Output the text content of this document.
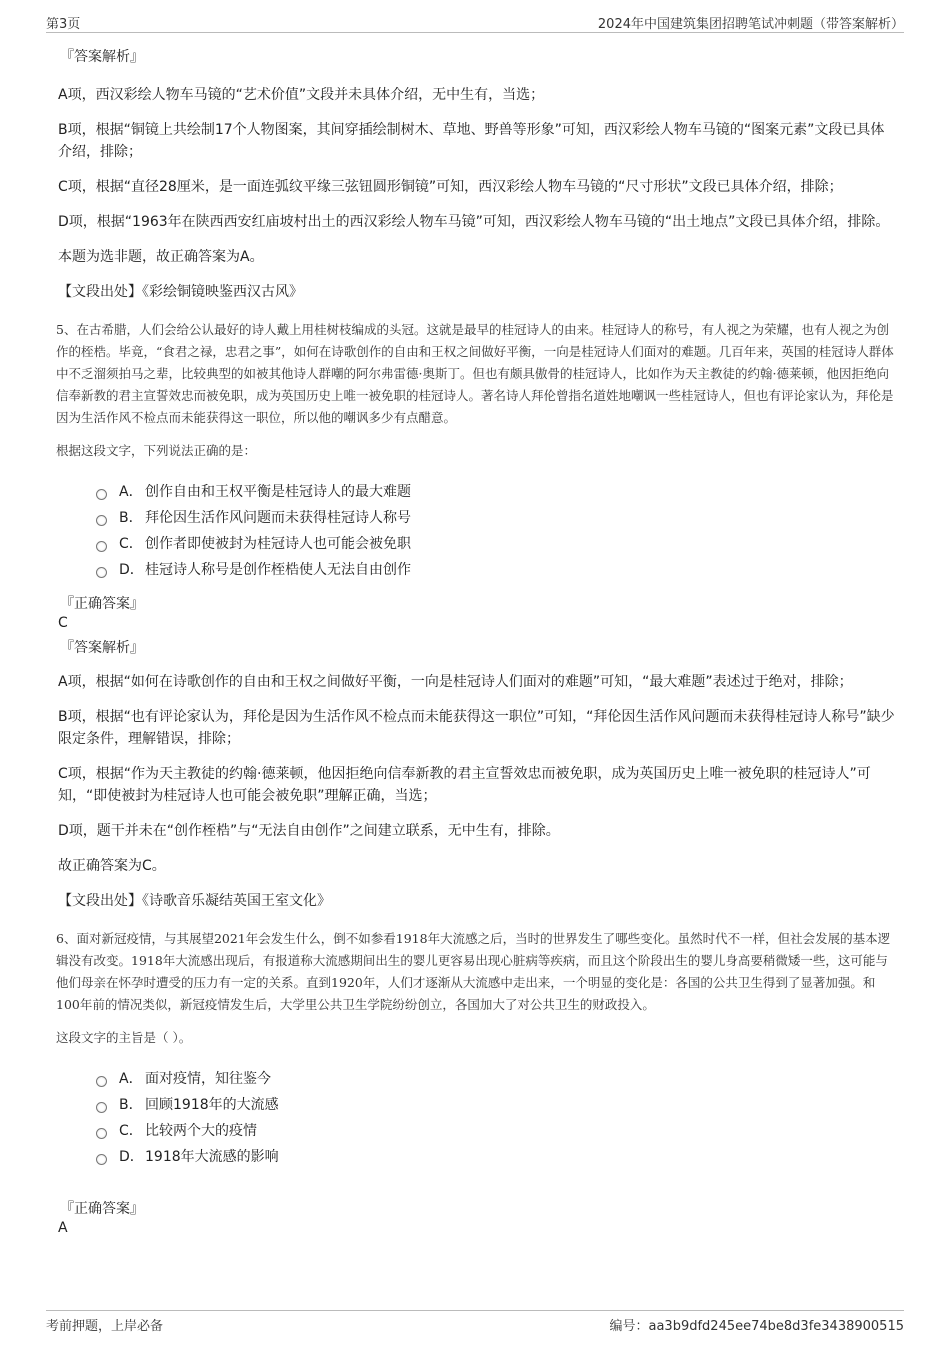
第3页	2024年中国建筑集团招聘笔试冲刺题（带答案解析）
『答案解析』

A项，西汉彩绘人物车马镜的“艺术价值”文段并未具体介绍，无中生有，当选；

B项，根据“铜镜上共绘制17个人物图案，其间穿插绘制树木、草地、野兽等形象”可知，西汉彩绘人物车马镜的“图案元素”文段已具体介绍，排除；

C项，根据“直径28厘米，是一面连弧纹平缘三弦钮圆形铜镜”可知，西汉彩绘人物车马镜的“尺寸形状”文段已具体介绍，排除；

D项，根据“1963年在陕西西安红庙坡村出土的西汉彩绘人物车马镜”可知，西汉彩绘人物车马镜的“出土地点”文段已具体介绍，排除。

本题为选非题，故正确答案为A。

【文段出处】《彩绘铜镜映鉴西汉古风》

5、在古希腊，人们会给公认最好的诗人戴上用桂树枝编成的头冠。这就是最早的桂冠诗人的由来。桂冠诗人的称号，有人视之为荣耀，也有人视之为创作的桎梏。毕竟，“食君之禄，忠君之事”，如何在诗歌创作的自由和王权之间做好平衡，一向是桂冠诗人们面对的难题。几百年来，英国的桂冠诗人群体中不乏溜须拍马之辈，比较典型的如被其他诗人群嘲的阿尔弗雷德·奥斯丁。但也有颇具傲骨的桂冠诗人，比如作为天主教徒的约翰·德莱顿，他因拒绝向信奉新教的君主宣誓效忠而被免职，成为英国历史上唯一被免职的桂冠诗人。著名诗人拜伦曾指名道姓地嘲讽一些桂冠诗人，但也有评论家认为，拜伦是因为生活作风不检点而未能获得这一职位，所以他的嘲讽多少有点醋意。

根据这段文字，下列说法正确的是：
A． 创作自由和王权平衡是桂冠诗人的最大难题
B． 拜伦因生活作风问题而未获得桂冠诗人称号
C． 创作者即使被封为桂冠诗人也可能会被免职
D． 桂冠诗人称号是创作桎梏使人无法自由创作
『正确答案』
C
『答案解析』

A项，根据“如何在诗歌创作的自由和王权之间做好平衡，一向是桂冠诗人们面对的难题”可知，“最大难题”表述过于绝对，排除；

B项，根据“也有评论家认为，拜伦是因为生活作风不检点而未能获得这一职位”可知，“拜伦因生活作风问题而未获得桂冠诗人称号”缺少限定条件，理解错误，排除；

C项，根据“作为天主教徒的约翰·德莱顿，他因拒绝向信奉新教的君主宣誓效忠而被免职，成为英国历史上唯一被免职的桂冠诗人”可知，“即使被封为桂冠诗人也可能会被免职”理解正确，当选；

D项，题干并未在“创作桎梏”与“无法自由创作”之间建立联系，无中生有，排除。

故正确答案为C。

【文段出处】《诗歌音乐凝结英国王室文化》

6、面对新冠疫情，与其展望2021年会发生什么，倒不如参看1918年大流感之后，当时的世界发生了哪些变化。虽然时代不一样，但社会发展的基本逻辑没有改变。1918年大流感出现后，有报道称大流感期间出生的婴儿更容易出现心脏病等疾病，而且这个阶段出生的婴儿身高要稍微矮一些，这可能与他们母亲在怀孕时遭受的压力有一定的关系。直到1920年，人们才逐渐从大流感中走出来，一个明显的变化是：各国的公共卫生得到了显著加强。和100年前的情况类似，新冠疫情发生后，大学里公共卫生学院纷纷创立，各国加大了对公共卫生的财政投入。

这段文字的主旨是（ ）。
A． 面对疫情，知往鉴今
B． 回顾1918年的大流感
C． 比较两个大的疫情
D． 1918年大流感的影响
『正确答案』
A
考前押题，上岸必备	编号：aa3b9dfd245ee74be8d3fe3438900515
